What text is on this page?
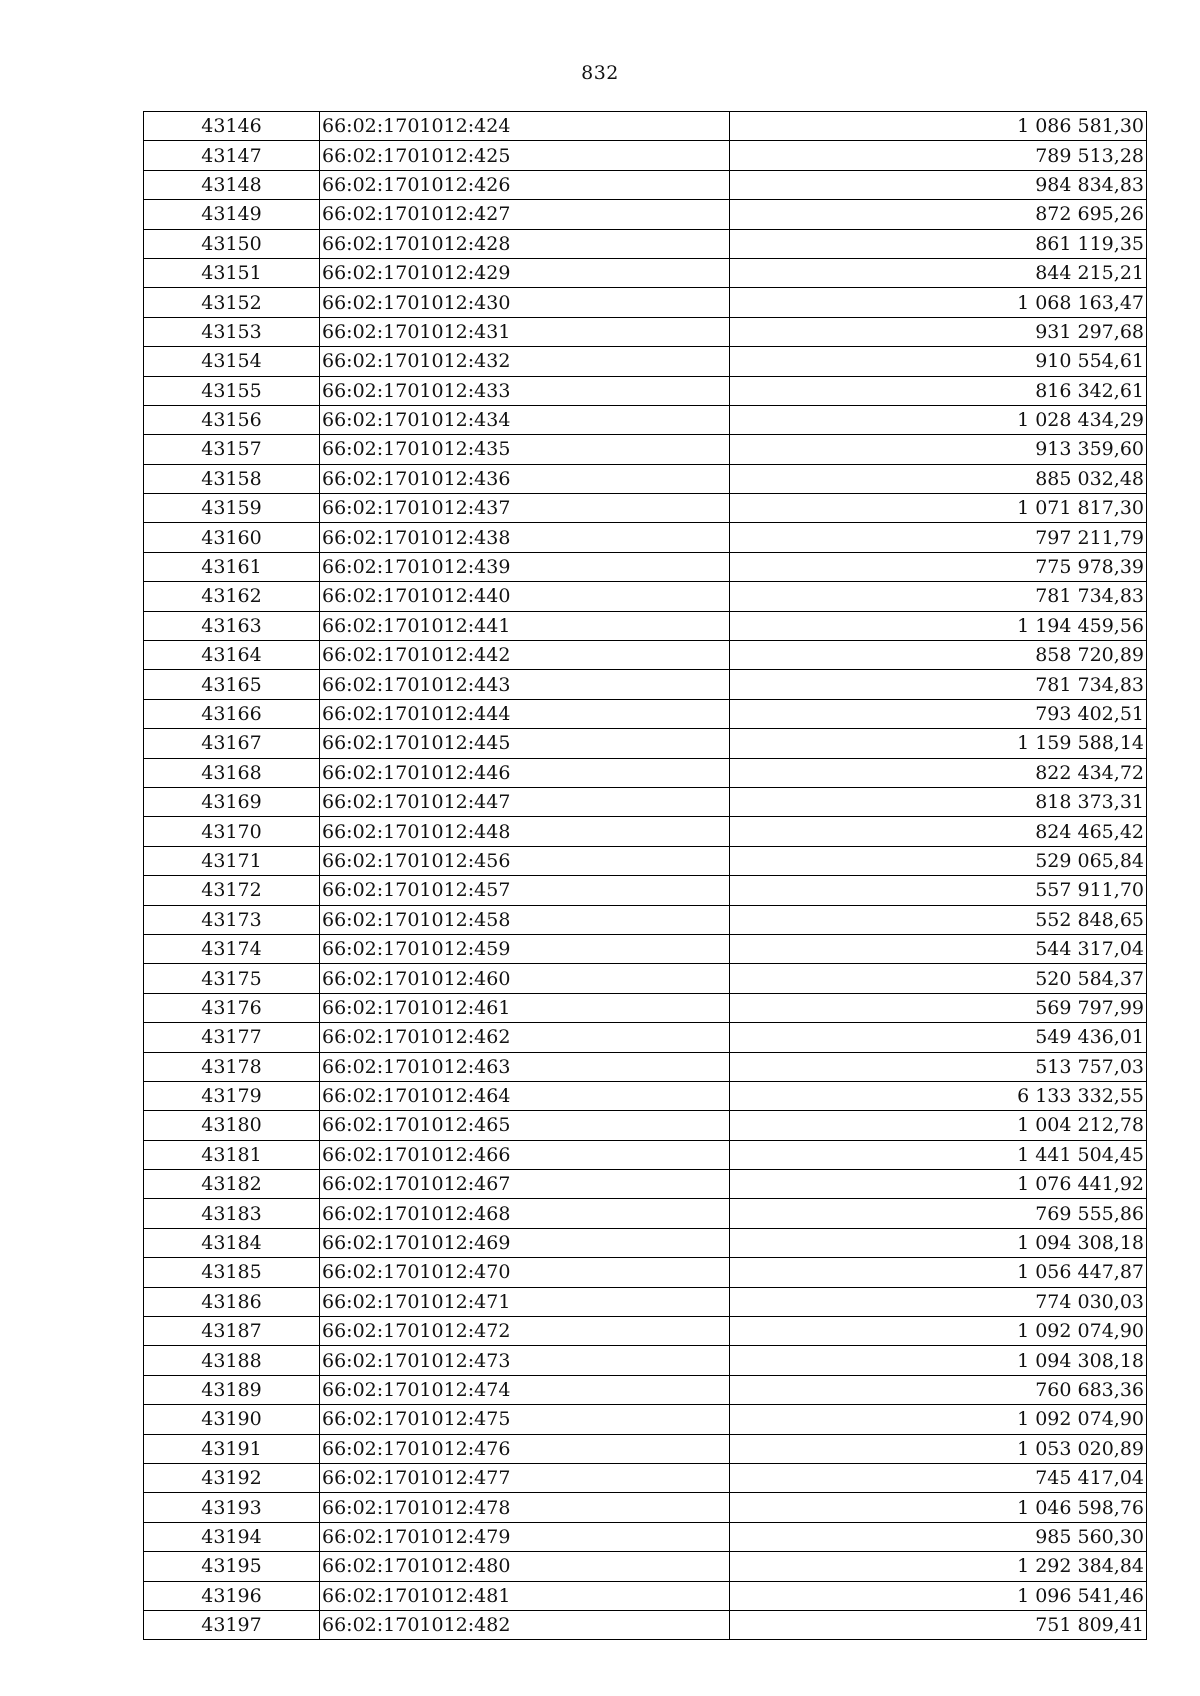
832
43146	66:02:1701012:424	1 086 581,30
43147	66:02:1701012:425	789 513,28
43148	66:02:1701012:426	984 834,83
43149	66:02:1701012:427	872 695,26
43150	66:02:1701012:428	861 119,35
43151	66:02:1701012:429	844 215,21
43152	66:02:1701012:430	1 068 163,47
43153	66:02:1701012:431	931 297,68
43154	66:02:1701012:432	910 554,61
43155	66:02:1701012:433	816 342,61
43156	66:02:1701012:434	1 028 434,29
43157	66:02:1701012:435	913 359,60
43158	66:02:1701012:436	885 032,48
43159	66:02:1701012:437	1 071 817,30
43160	66:02:1701012:438	797 211,79
43161	66:02:1701012:439	775 978,39
43162	66:02:1701012:440	781 734,83
43163	66:02:1701012:441	1 194 459,56
43164	66:02:1701012:442	858 720,89
43165	66:02:1701012:443	781 734,83
43166	66:02:1701012:444	793 402,51
43167	66:02:1701012:445	1 159 588,14
43168	66:02:1701012:446	822 434,72
43169	66:02:1701012:447	818 373,31
43170	66:02:1701012:448	824 465,42
43171	66:02:1701012:456	529 065,84
43172	66:02:1701012:457	557 911,70
43173	66:02:1701012:458	552 848,65
43174	66:02:1701012:459	544 317,04
43175	66:02:1701012:460	520 584,37
43176	66:02:1701012:461	569 797,99
43177	66:02:1701012:462	549 436,01
43178	66:02:1701012:463	513 757,03
43179	66:02:1701012:464	6 133 332,55
43180	66:02:1701012:465	1 004 212,78
43181	66:02:1701012:466	1 441 504,45
43182	66:02:1701012:467	1 076 441,92
43183	66:02:1701012:468	769 555,86
43184	66:02:1701012:469	1 094 308,18
43185	66:02:1701012:470	1 056 447,87
43186	66:02:1701012:471	774 030,03
43187	66:02:1701012:472	1 092 074,90
43188	66:02:1701012:473	1 094 308,18
43189	66:02:1701012:474	760 683,36
43190	66:02:1701012:475	1 092 074,90
43191	66:02:1701012:476	1 053 020,89
43192	66:02:1701012:477	745 417,04
43193	66:02:1701012:478	1 046 598,76
43194	66:02:1701012:479	985 560,30
43195	66:02:1701012:480	1 292 384,84
43196	66:02:1701012:481	1 096 541,46
43197	66:02:1701012:482	751 809,41
